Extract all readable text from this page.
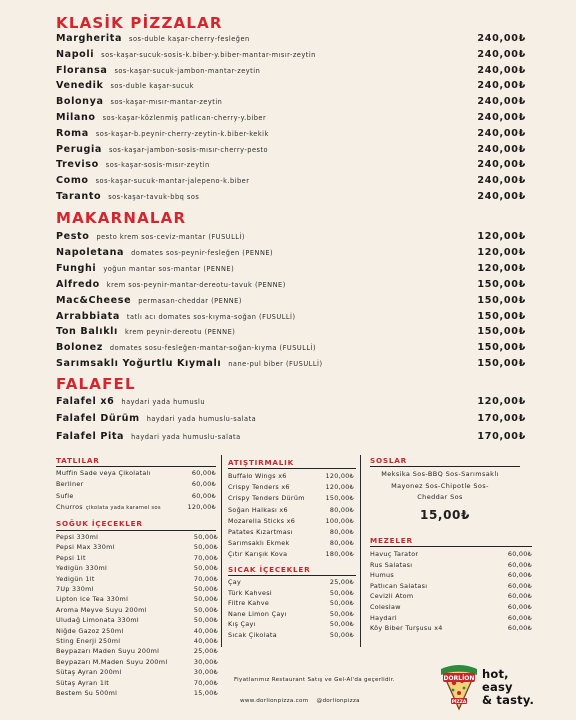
KLASİK PİZZALAR
MAKARNALAR
FALAFEL
Margherita sos-duble kaşar-cherry-fesleğen	240,00₺
Napoli sos-kaşar-sucuk-sosis-k.biber-y.biber-mantar-mısır-zeytin	240,00₺
Floransa sos-kaşar-sucuk-jambon-mantar-zeytin	240,00₺
Venedik sos-duble kaşar-sucuk	240,00₺
Bolonya sos-kaşar-mısır-mantar-zeytin	240,00₺
Milano sos-kaşar-közlenmiş patlıcan-cherry-y.biber	240,00₺
Roma sos-kaşar-b.peynir-cherry-zeytin-k.biber-kekik	240,00₺
Perugia sos-kaşar-jambon-sosis-mısır-cherry-pesto	240,00₺
Treviso sos-kaşar-sosis-mısır-zeytin	240,00₺
Como sos-kaşar-sucuk-mantar-jalepeno-k.biber	240,00₺
Taranto sos-kaşar-tavuk-bbq sos	240,00₺
Pesto pesto krem sos-ceviz-mantar (FUSULLİ)	120,00₺
Napoletana domates sos-peynir-fesleğen (PENNE)	120,00₺
Funghi yoğun mantar sos-mantar (PENNE)	120,00₺
Alfredo krem sos-peynir-mantar-dereotu-tavuk (PENNE)	150,00₺
Mac&Cheese permasan-cheddar (PENNE)	150,00₺
Arrabbiata tatlı acı domates sos-kıyma-soğan (FUSULLİ)	150,00₺
Ton Balıklı krem peynir-dereotu (PENNE)	150,00₺
Bolonez domates sosu-fesleğen-mantar-soğan-kıyma (FUSULLİ)	150,00₺
Sarımsaklı Yoğurtlu Kıymalı nane-pul biber (FUSULLİ)	150,00₺
Falafel x6 haydari yada humuslu	120,00₺
Falafel Dürüm haydari yada humuslu-salata	170,00₺
Falafel Pita haydari yada humuslu-salata	170,00₺
TATLILAR
Muffin Sade veya Çikolatalı	60,00₺
Berliner	60,00₺
Sufle	60,00₺
Churros çikolata yada karamel sos	120,00₺
SOĞUK İÇECEKLER
Pepsi 330ml	50,00₺
Pepsi Max 330ml	50,00₺
Pepsi 1lt	70,00₺
Yedigün 330ml	50,00₺
Yedigün 1lt	70,00₺
7Up 330ml	50,00₺
Lipton Ice Tea 330ml	50,00₺
Aroma Meyve Suyu 200ml	50,00₺
Uludağ Limonata 330ml	50,00₺
Niğde Gazoz 250ml	40,00₺
Sting Enerji 250ml	40,00₺
Beypazarı Maden Suyu 200ml	25,00₺
Beypazarı M.Maden Suyu 200ml	30,00₺
Sütaş Ayran 200ml	30,00₺
Sütaş Ayran 1lt	70,00₺
Bestem Su 500ml	15,00₺
ATIŞTIRMALIK
Buffalo Wings x6	120,00₺
Crispy Tenders x6	120,00₺
Crispy Tenders Dürüm	150,00₺
Soğan Halkası x6	80,00₺
Mozarella Sticks x6	100,00₺
Patates Kızartması	80,00₺
Sarımsaklı Ekmek	80,00₺
Çıtır Karışık Kova	180,00₺
SICAK İÇECEKLER
Çay	25,00₺
Türk Kahvesi	50,00₺
Filtre Kahve	50,00₺
Nane Limon Çayı	50,00₺
Kış Çayı	50,00₺
Sıcak Çikolata	50,00₺
SOSLAR
Meksika Sos-BBQ Sos-Sarımsaklı
Mayonez Sos-Chipotle Sos-
Cheddar Sos
15,00₺
MEZELER
Havuç Tarator	60,00₺
Rus Salatası	60,00₺
Humus	60,00₺
Patlıcan Salatası	60,00₺
Cevizli Atom	60,00₺
Coleslaw	60,00₺
Haydari	60,00₺
Köy Biber Turşusu x4	60,00₺
Fiyatlarımız Restaurant Satış ve Gel-Al'da geçerlidir.
www.dorlionpizza.com @dorlionpizza
DORLİON
PİZZA
hot,
easy
& tasty.
